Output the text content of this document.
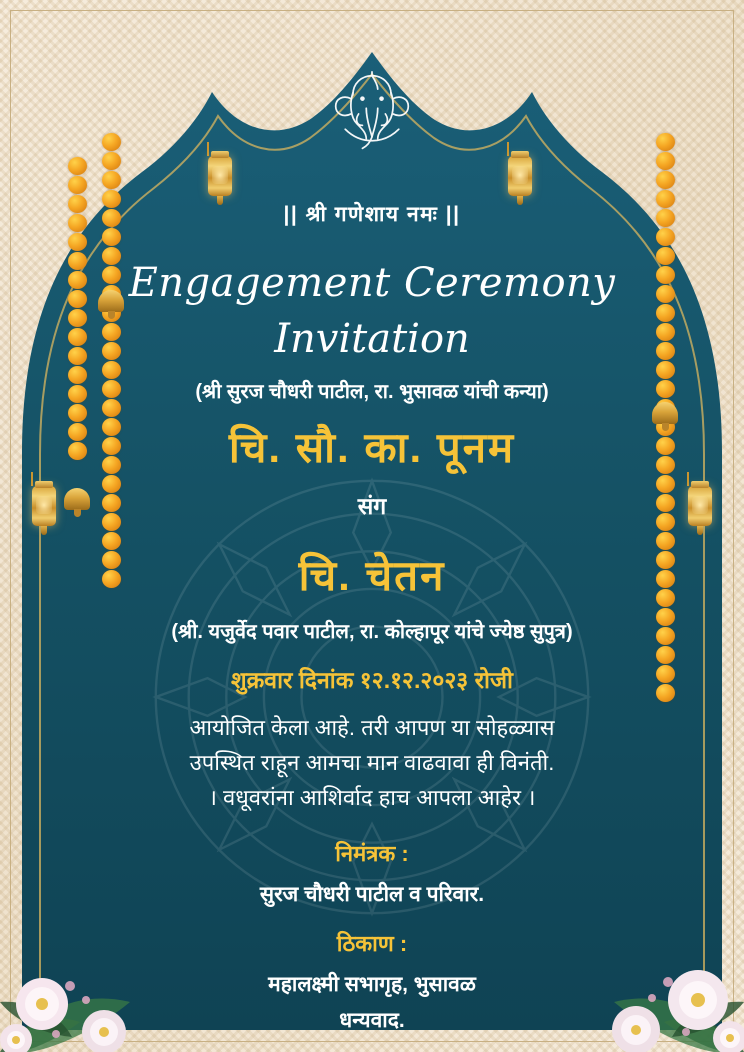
|| श्री गणेशाय नमः ||
Engagement Ceremony
Invitation
(श्री सुरज चौधरी पाटील, रा. भुसावळ यांची कन्या)
चि. सौ. का. पूनम
संग
चि. चेतन
(श्री. यजुर्वेद पवार पाटील, रा. कोल्हापूर यांचे ज्येष्ठ सुपुत्र)
शुक्रवार दिनांक १२.१२.२०२३ रोजी
आयोजित केला आहे. तरी आपण या सोहळ्यास
उपस्थित राहून आमचा मान वाढवावा ही विनंती.
। वधूवरांना आशिर्वाद हाच आपला आहेर ।
निमंत्रक :
सुरज चौधरी पाटील व परिवार.
ठिकाण :
महालक्ष्मी सभागृह, भुसावळ
धन्यवाद.
